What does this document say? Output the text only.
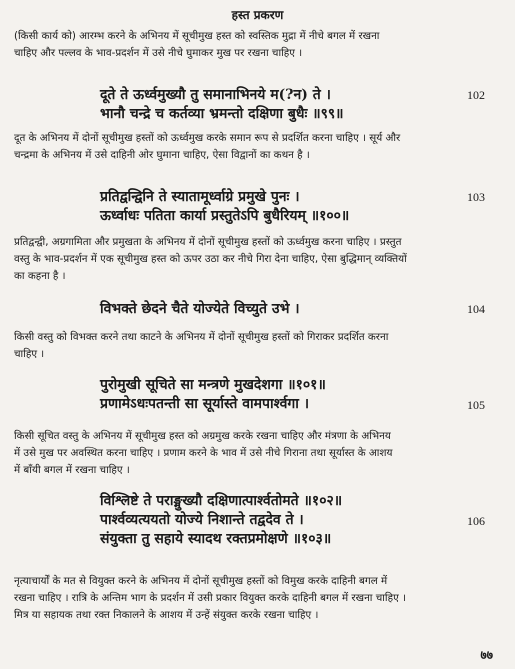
हस्त प्रकरण

(किसी कार्य को) आरम्भ करने के अभिनय में सूचीमुख हस्त को स्वस्तिक मुद्रा में नीचे बगल में रखना

चाहिए और पल्लव के भाव-प्रदर्शन में उसे नीचे घुमाकर मुख पर रखना चाहिए ।

दूते ते ऊर्ध्वमुख्यौ तु समानाभिनये म(?न) ते ।
भानौ चन्द्रे च कर्तव्या भ्रमन्तो दक्षिणा बुधैः ॥९९॥
102

दूत के अभिनय में दोनों सूचीमुख हस्तों को ऊर्ध्वमुख करके समान रूप से प्रदर्शित करना चाहिए । सूर्य और

चन्द्रमा के अभिनय में उसे दाहिनी ओर घुमाना चाहिए, ऐसा विद्वानों का कथन है ।

प्रतिद्वन्द्विनि ते स्यातामूर्ध्वाग्रे प्रमुखे पुनः ।
ऊर्ध्वाधः पतिता कार्या प्रस्तुतेऽपि बुधैरियम् ॥१००॥
103

प्रतिद्वन्द्वी, अग्रगामिता और प्रमुखता के अभिनय में दोनों सूचीमुख हस्तों को ऊर्ध्वमुख करना चाहिए । प्रस्तुत

वस्तु के भाव-प्रदर्शन में एक सूचीमुख हस्त को ऊपर उठा कर नीचे गिरा देना चाहिए, ऐसा बुद्धिमान् व्यक्तियों

का कहना है ।

विभक्ते छेदने चैते योज्येते विच्युते उभे ।	104

किसी वस्तु को विभक्त करने तथा काटने के अभिनय में दोनों सूचीमुख हस्तों को गिराकर प्रदर्शित करना

चाहिए ।

पुरोमुखी सूचिते सा मन्त्रणे मुखदेशगा ॥१०१॥
प्रणामेऽधःपतन्ती सा सूर्यास्ते वामपार्श्वगा ।	105

किसी सूचित वस्तु के अभिनय में सूचीमुख हस्त को अग्रमुख करके रखना चाहिए और मंत्रणा के अभिनय

में उसे मुख पर अवस्थित करना चाहिए । प्रणाम करने के भाव में उसे नीचे गिराना तथा सूर्यास्त के आशय

में बाँयी बगल में रखना चाहिए ।

विश्लिष्टे ते पराङ्मुख्यौ दक्षिणात्पार्श्वतोमते ॥१०२॥
पार्श्वव्यत्ययतो योज्ये निशान्ते तद्वदेव ते ।
संयुक्ता तु सहाये स्यादथ रक्तप्रमोक्षणे ॥१०३॥
106

नृत्याचार्यों के मत से वियुक्त करने के अभिनय में दोनों सूचीमुख हस्तों को विमुख करके दाहिनी बगल में

रखना चाहिए । रात्रि के अन्तिम भाग के प्रदर्शन में उसी प्रकार वियुक्त करके दाहिनी बगल में रखना चाहिए ।

मित्र या सहायक तथा रक्त निकालने के आशय में उन्हें संयुक्त करके रखना चाहिए ।

७७
